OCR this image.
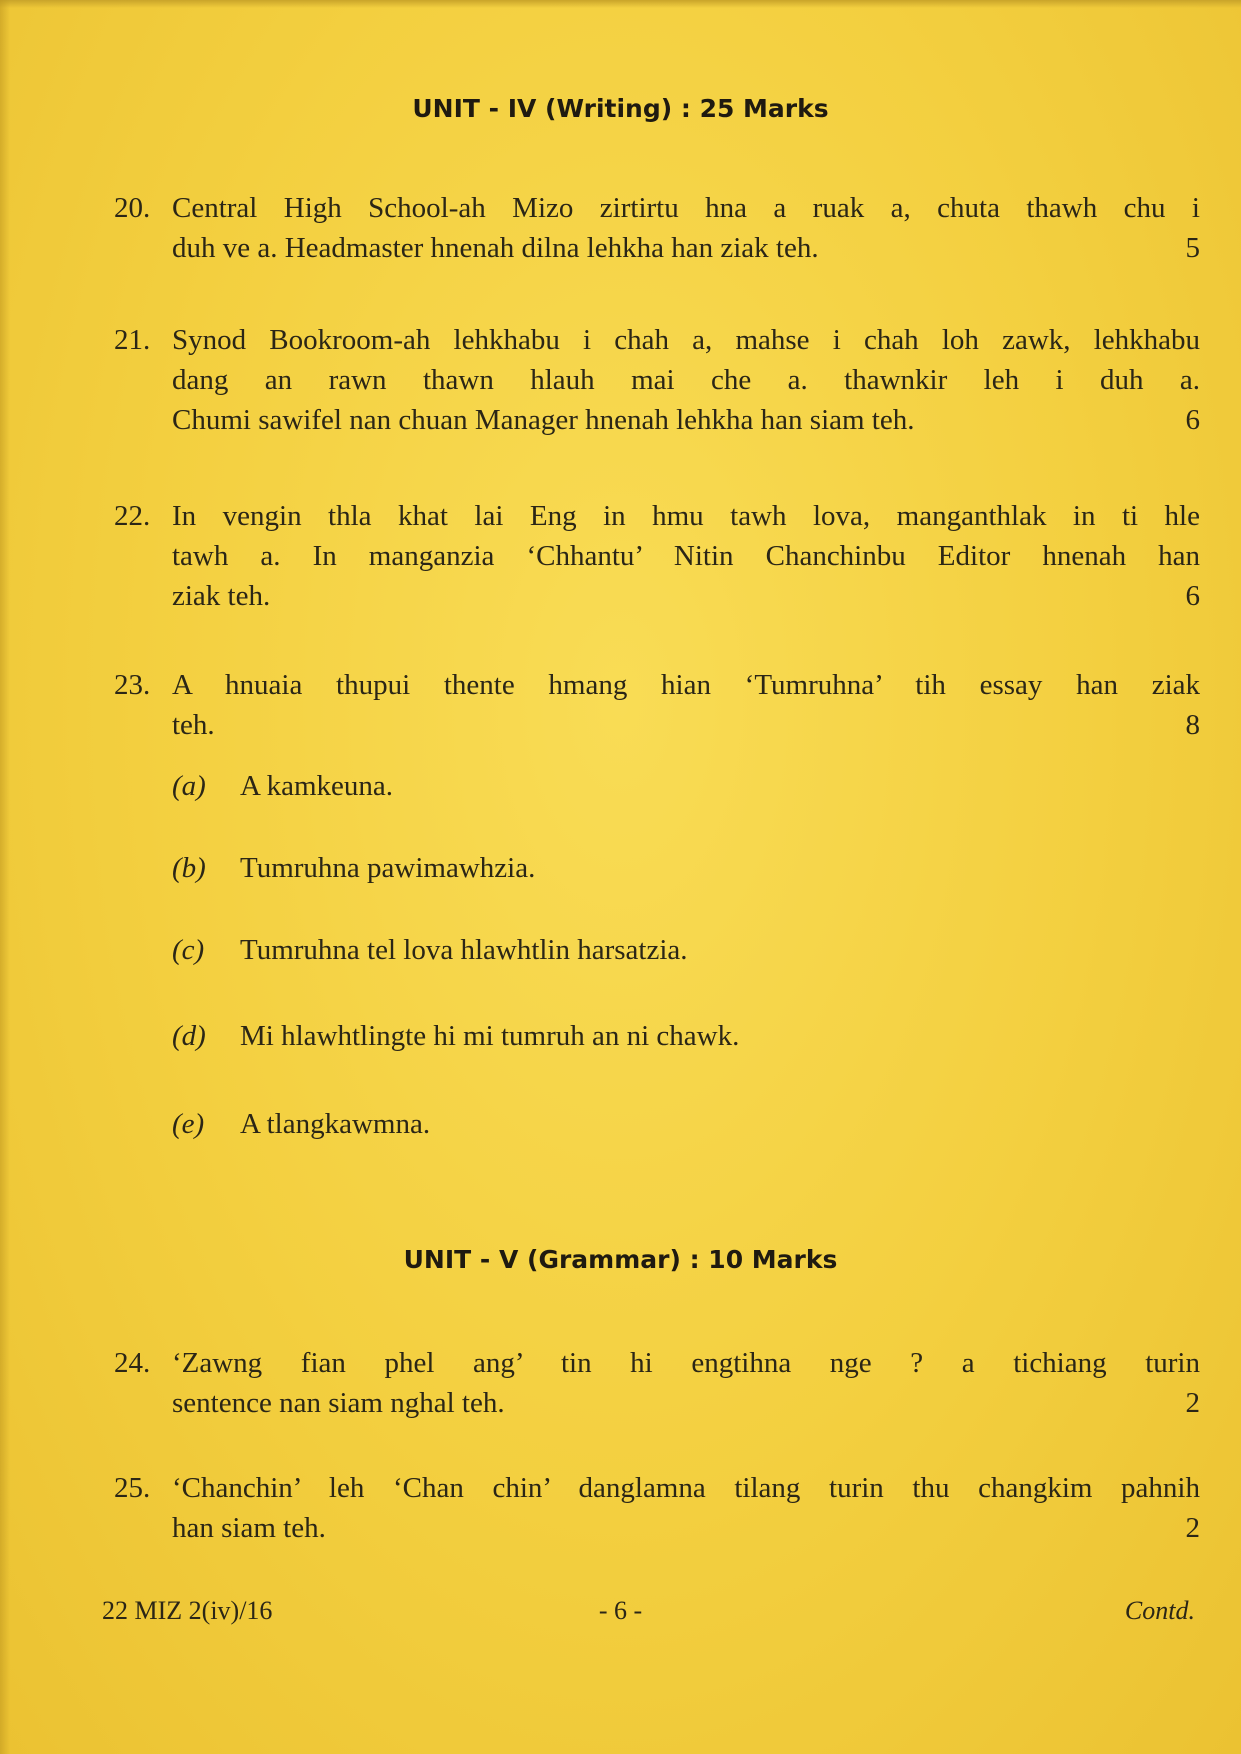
UNIT - IV (Writing) : 25 Marks
20. Central High School-ah Mizo zirtirtu hna a ruak a, chuta thawh chu i
duh ve a. Headmaster hnenah dilna lehkha han ziak teh.	5
21. Synod Bookroom-ah lehkhabu i chah a, mahse i chah loh zawk, lehkhabu
dang an rawn thawn hlauh mai che a. thawnkir leh i duh a.
Chumi sawifel nan chuan Manager hnenah lehkha han siam teh.	6
22. In vengin thla khat lai Eng in hmu tawh lova, manganthlak in ti hle
tawh a. In manganzia ‘Chhantu’ Nitin Chanchinbu Editor hnenah han
ziak teh.	6
23. A hnuaia thupui thente hmang hian ‘Tumruhna’ tih essay han ziak
teh.	8
(a) A kamkeuna.
(b) Tumruhna pawimawhzia.
(c) Tumruhna tel lova hlawhtlin harsatzia.
(d) Mi hlawhtlingte hi mi tumruh an ni chawk.
(e) A tlangkawmna.
UNIT - V (Grammar) : 10 Marks
24. ‘Zawng fian phel ang’ tin hi engtihna nge ? a tichiang turin
sentence nan siam nghal teh.	2
25. ‘Chanchin’ leh ‘Chan chin’ danglamna tilang turin thu changkim pahnih
han siam teh.	2
22 MIZ 2(iv)/16	- 6 -	Contd.
